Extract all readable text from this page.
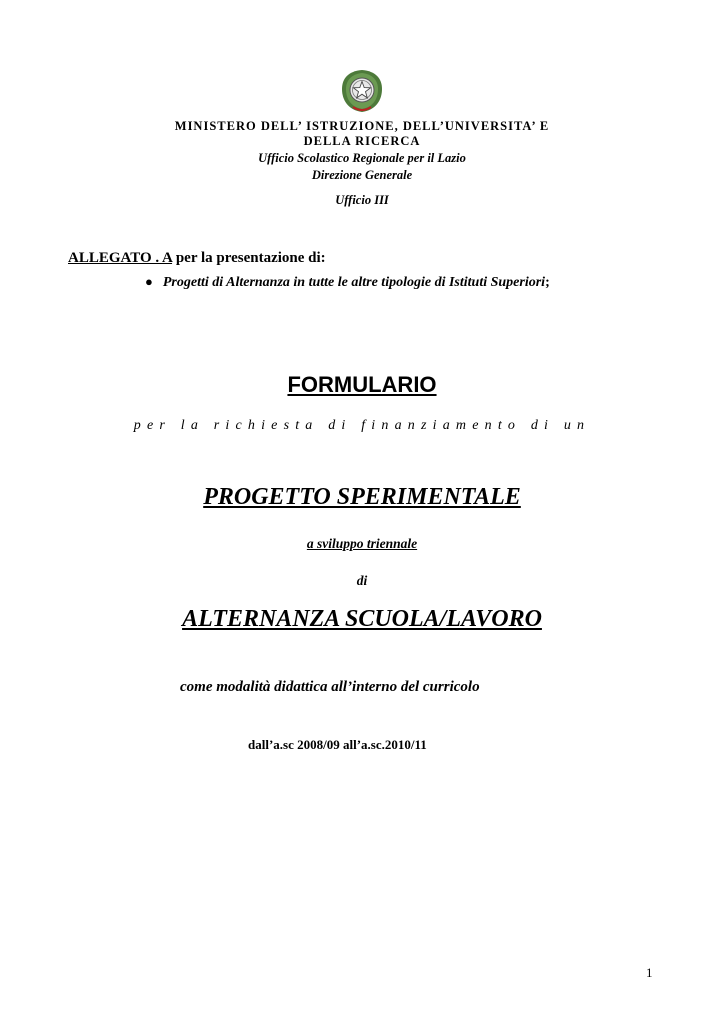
MINISTERO DELL’ ISTRUZIONE, DELL’UNIVERSITA’ E
DELLA RICERCA
Ufficio Scolastico Regionale per il Lazio
Direzione Generale
Ufficio III
ALLEGATO . A per la presentazione di:
● Progetti di Alternanza in tutte le altre tipologie di Istituti Superiori;
FORMULARIO
per la richiesta di finanziamento di un
PROGETTO SPERIMENTALE
a sviluppo triennale
di
ALTERNANZA SCUOLA/LAVORO
come modalità didattica all’interno del curricolo
dall’a.sc 2008/09 all’a.sc.2010/11
1
